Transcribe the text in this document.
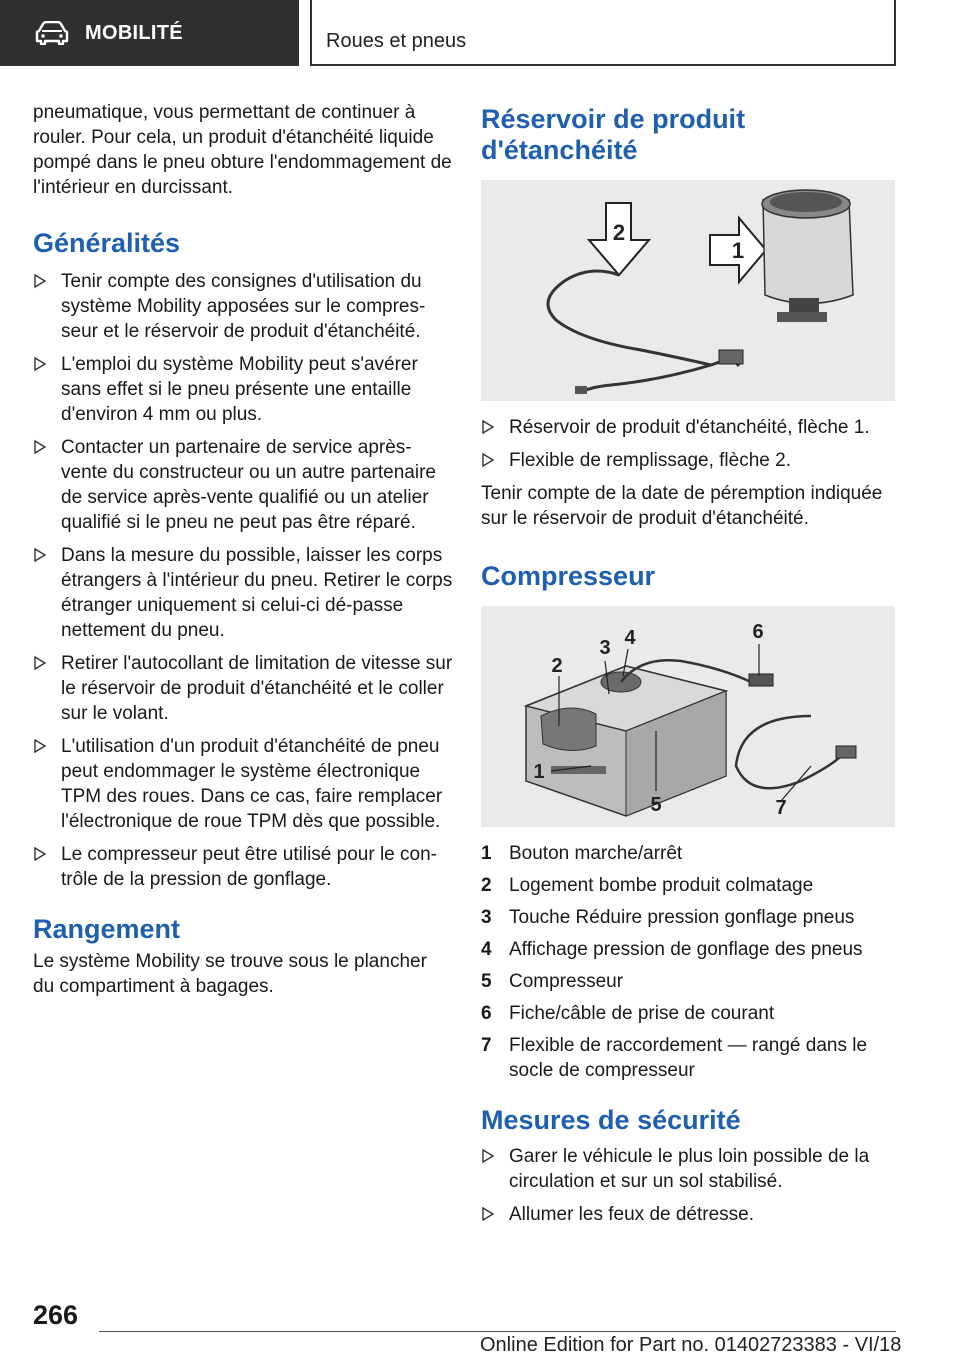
MOBILITÉ	Roues et pneus

pneumatique, vous permettant de continuer à rouler. Pour cela, un produit d'étanchéité liquide pompé dans le pneu obture l'endommagement de l'intérieur en durcissant.

Généralités
Tenir compte des consignes d'utilisation du système Mobility apposées sur le compres‐seur et le réservoir de produit d'étanchéité.
L'emploi du système Mobility peut s'avérer sans effet si le pneu présente une entaille d'environ 4 mm ou plus.
Contacter un partenaire de service après-vente du constructeur ou un autre partenaire de service après-vente qualifié ou un atelier qualifié si le pneu ne peut pas être réparé.
Dans la mesure du possible, laisser les corps étrangers à l'intérieur du pneu. Retirer le corps étranger uniquement si celui-ci dé‐passe nettement du pneu.
Retirer l'autocollant de limitation de vitesse sur le réservoir de produit d'étanchéité et le coller sur le volant.
L'utilisation d'un produit d'étanchéité de pneu peut endommager le système électronique TPM des roues. Dans ce cas, faire remplacer l'électronique de roue TPM dès que possible.
Le compresseur peut être utilisé pour le con‐trôle de la pression de gonflage.
Rangement

Le système Mobility se trouve sous le plancher du compartiment à bagages.

Réservoir de produit
d'étanchéité
2
1
Réservoir de produit d'étanchéité, flèche 1.
Flexible de remplissage, flèche 2.

Tenir compte de la date de péremption indiquée sur le réservoir de produit d'étanchéité.

Compresseur
1
2
3 4
5
6
7
1 Bouton marche/arrêt
2 Logement bombe produit colmatage
3 Touche Réduire pression gonflage pneus
4 Affichage pression de gonflage des pneus
5 Compresseur
6 Fiche/câble de prise de courant
7 Flexible de raccordement — rangé dans le socle de compresseur
Mesures de sécurité
Garer le véhicule le plus loin possible de la circulation et sur un sol stabilisé.
Allumer les feux de détresse.
266
Online Edition for Part no. 01402723383 - VI/18
